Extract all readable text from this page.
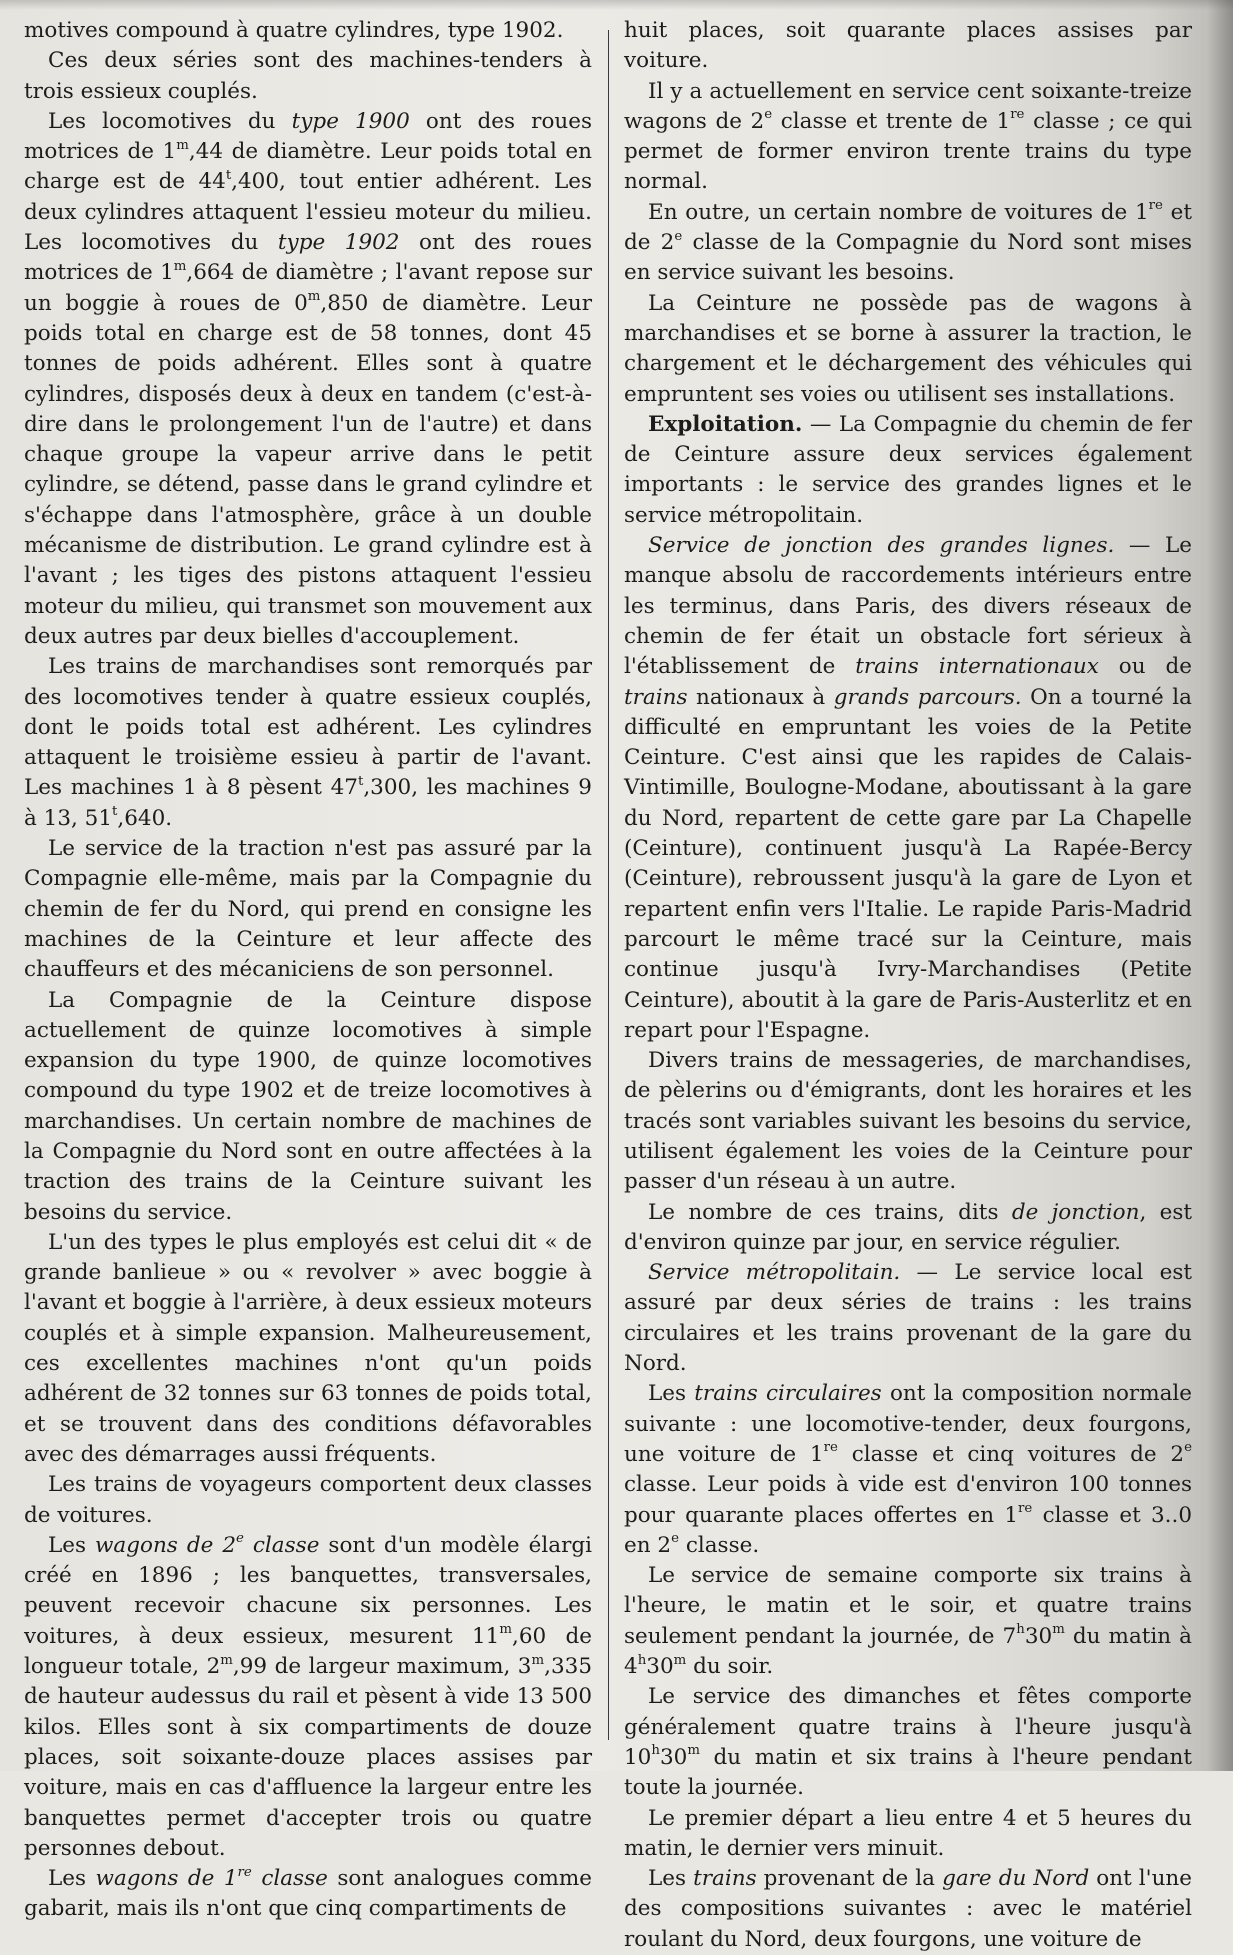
motives compound à quatre cylindres, type 1902.

Ces deux séries sont des machines-tenders à trois essieux couplés.

Les locomotives du type 1900 ont des roues motrices de 1$^m$,44 de diamètre. Leur poids total en charge est de 44$^t$,400, tout entier adhérent. Les deux cylindres attaquent l'essieu moteur du milieu. Les locomotives du type 1902 ont des roues motrices de 1$^m$,664 de diamètre ; l'avant repose sur un boggie à roues de 0$^m$,850 de diamètre. Leur poids total en charge est de 58 tonnes, dont 45 tonnes de poids adhérent. Elles sont à quatre cylindres, disposés deux à deux en tandem (c'est-à-dire dans le prolongement l'un de l'autre) et dans chaque groupe la vapeur arrive dans le petit cylindre, se détend, passe dans le grand cylindre et s'échappe dans l'atmosphère, grâce à un double mécanisme de distribution. Le grand cylindre est à l'avant ; les tiges des pistons attaquent l'essieu moteur du milieu, qui transmet son mouvement aux deux autres par deux bielles d'accouplement.

Les trains de marchandises sont remorqués par des locomotives tender à quatre essieux couplés, dont le poids total est adhérent. Les cylindres attaquent le troisième essieu à partir de l'avant. Les machines 1 à 8 pèsent 47$^t$,300, les machines 9 à 13, 51$^t$,640.

Le service de la traction n'est pas assuré par la Compagnie elle-même, mais par la Compagnie du chemin de fer du Nord, qui prend en consigne les machines de la Ceinture et leur affecte des chauffeurs et des mécaniciens de son personnel.

La Compagnie de la Ceinture dispose actuellement de quinze locomotives à simple expansion du type 1900, de quinze locomotives compound du type 1902 et de treize locomotives à marchandises. Un certain nombre de machines de la Compagnie du Nord sont en outre affectées à la traction des trains de la Ceinture suivant les besoins du service.

L'un des types le plus employés est celui dit « de grande banlieue » ou « revolver » avec boggie à l'avant et boggie à l'arrière, à deux essieux moteurs couplés et à simple expansion. Malheureusement, ces excellentes machines n'ont qu'un poids adhérent de 32 tonnes sur 63 tonnes de poids total, et se trouvent dans des conditions défavorables avec des démarrages aussi fréquents.

Les trains de voyageurs comportent deux classes de voitures.

Les wagons de 2e classe sont d'un modèle élargi créé en 1896 ; les banquettes, transversales, peuvent recevoir chacune six personnes. Les voitures, à deux essieux, mesurent 11$^m$,60 de longueur totale, 2$^m$,99 de largeur maximum, 3$^m$,335 de hauteur audessus du rail et pèsent à vide 13 500 kilos. Elles sont à six compartiments de douze places, soit soixante-douze places assises par voiture, mais en cas d'affluence la largeur entre les banquettes permet d'accepter trois ou quatre personnes debout.

Les wagons de 1re classe sont analogues comme gabarit, mais ils n'ont que cinq compartiments de

huit places, soit quarante places assises par voiture.

Il y a actuellement en service cent soixante-treize wagons de 2e classe et trente de 1re classe ; ce qui permet de former environ trente trains du type normal.

En outre, un certain nombre de voitures de 1re et de 2e classe de la Compagnie du Nord sont mises en service suivant les besoins.

La Ceinture ne possède pas de wagons à marchandises et se borne à assurer la traction, le chargement et le déchargement des véhicules qui empruntent ses voies ou utilisent ses installations.

Exploitation. — La Compagnie du chemin de fer de Ceinture assure deux services également importants : le service des grandes lignes et le service métropolitain.

Service de jonction des grandes lignes. — Le manque absolu de raccordements intérieurs entre les terminus, dans Paris, des divers réseaux de chemin de fer était un obstacle fort sérieux à l'établissement de trains internationaux ou de trains nationaux à grands parcours. On a tourné la difficulté en empruntant les voies de la Petite Ceinture. C'est ainsi que les rapides de Calais-Vintimille, Boulogne-Modane, aboutissant à la gare du Nord, repartent de cette gare par La Chapelle (Ceinture), continuent jusqu'à La Rapée-Bercy (Ceinture), rebroussent jusqu'à la gare de Lyon et repartent enfin vers l'Italie. Le rapide Paris-Madrid parcourt le même tracé sur la Ceinture, mais continue jusqu'à Ivry-Marchandises (Petite Ceinture), aboutit à la gare de Paris-Austerlitz et en repart pour l'Espagne.

Divers trains de messageries, de marchandises, de pèlerins ou d'émigrants, dont les horaires et les tracés sont variables suivant les besoins du service, utilisent également les voies de la Ceinture pour passer d'un réseau à un autre.

Le nombre de ces trains, dits de jonction, est d'environ quinze par jour, en service régulier.

Service métropolitain. — Le service local est assuré par deux séries de trains : les trains circulaires et les trains provenant de la gare du Nord.

Les trains circulaires ont la composition normale suivante : une locomotive-tender, deux fourgons, une voiture de 1re classe et cinq voitures de 2e classe. Leur poids à vide est d'environ 100 tonnes pour quarante places offertes en 1re classe et 3..0 en 2e classe.

Le service de semaine comporte six trains à l'heure, le matin et le soir, et quatre trains seulement pendant la journée, de 7$^h$30$^m$ du matin à 4$^h$30$^m$ du soir.

Le service des dimanches et fêtes comporte généralement quatre trains à l'heure jusqu'à 10$^h$30$^m$ du matin et six trains à l'heure pendant toute la journée.

Le premier départ a lieu entre 4 et 5 heures du matin, le dernier vers minuit.

Les trains provenant de la gare du Nord ont l'une des compositions suivantes : avec le matériel roulant du Nord, deux fourgons, une voiture de
